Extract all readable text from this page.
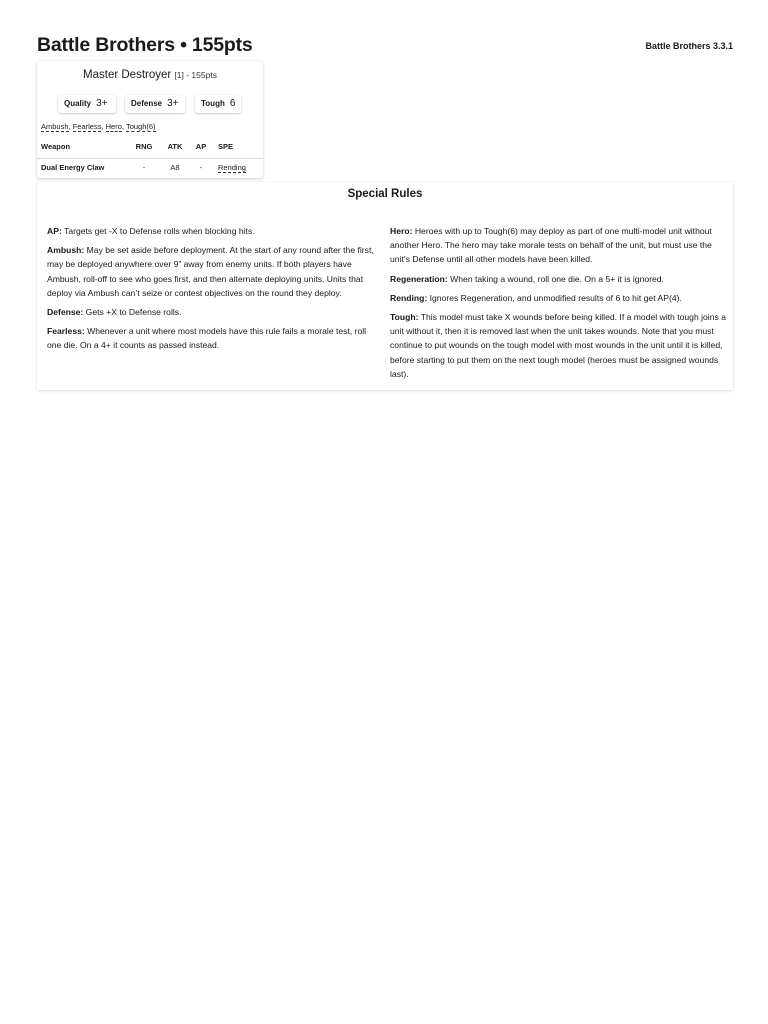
Battle Brothers • 155pts	Battle Brothers 3.3.1
Master Destroyer [1] - 155pts
Quality 3+	Defense 3+	Tough 6
Ambush, Fearless, Hero, Tough(6)
Weapon	RNG	ATK	AP SPE
Dual Energy Claw	-	A8	-	Rending
Special Rules

AP: Targets get -X to Defense rolls when blocking hits.

Ambush: May be set aside before deployment. At the start of any round after the first, may be deployed anywhere over 9” away from enemy units. If both players have Ambush, roll-off to see who goes first, and then alternate deploying units. Units that deploy via Ambush can’t seize or contest objectives on the round they deploy.

Defense: Gets +X to Defense rolls.

Fearless: Whenever a unit where most models have this rule fails a morale test, roll one die. On a 4+ it counts as passed instead.

Hero: Heroes with up to Tough(6) may deploy as part of one multi-model unit without another Hero. The hero may take morale tests on behalf of the unit, but must use the unit’s Defense until all other models have been killed.

Regeneration: When taking a wound, roll one die. On a 5+ it is ignored.

Rending: Ignores Regeneration, and unmodified results of 6 to hit get AP(4).

Tough: This model must take X wounds before being killed. If a model with tough joins a unit without it, then it is removed last when the unit takes wounds. Note that you must continue to put wounds on the tough model with most wounds in the unit until it is killed, before starting to put them on the next tough model (heroes must be assigned wounds last).
